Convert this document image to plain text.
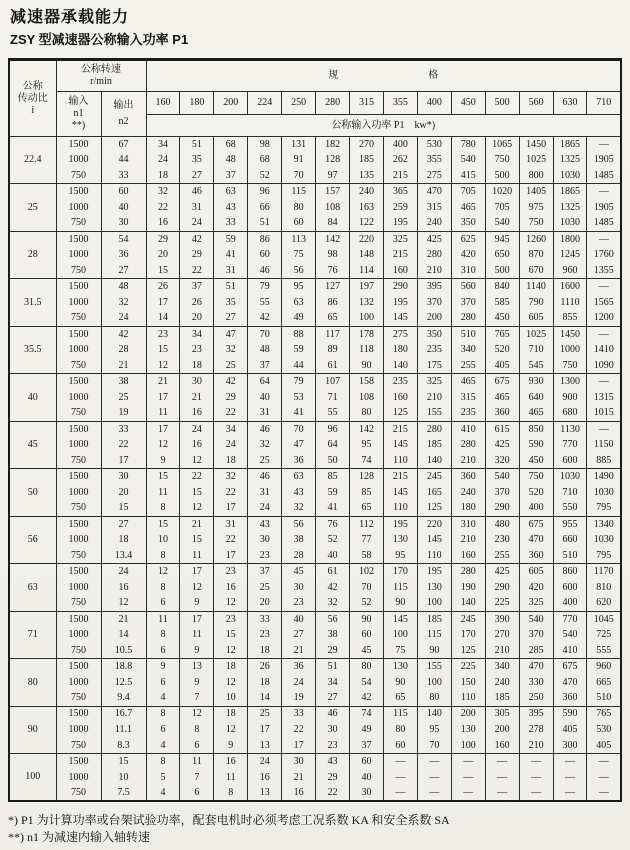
减速器承载能力
ZSY 型减速器公称输入功率 P1
公称
传动比
i

公称转速
r/min
	规	格

输入
n1
**)

输出
n2
	160	180	200	224	250	280	315	355	400	450	500	560	630	710
			公称输入功率 P1　kw*)													
22.4	1500	67	34	51	68	98	131	182	270	400	530	780	1065	1450	1865	—
	1000	44	24	35	48	68	91	128	185	262	355	540	750	1025	1325	1905
	750	33	18	27	37	52	70	97	135	215	275	415	500	800	1030	1485
25	1500	60	32	46	63	96	115	157	240	365	470	705	1020	1405	1865	—
	1000	40	22	31	43	66	80	108	163	259	315	465	705	975	1325	1905
	750	30	16	24	33	51	60	84	122	195	240	350	540	750	1030	1485
28	1500	54	29	42	59	86	113	142	220	325	425	625	945	1260	1800	—
	1000	36	20	29	41	60	75	98	148	215	280	420	650	870	1245	1760
	750	27	15	22	31	46	56	76	114	160	210	310	500	670	960	1355
31.5	1500	48	26	37	51	79	95	127	197	290	395	560	840	1140	1600	—
	1000	32	17	26	35	55	63	86	132	195	370	370	585	790	1110	1565
	750	24	14	20	27	42	49	65	100	145	200	280	450	605	855	1200
35.5	1500	42	23	34	47	70	88	117	178	275	350	510	765	1025	1450	—
	1000	28	15	23	32	48	59	89	118	180	235	340	520	710	1000	1410
	750	21	12	18	25	37	44	61	90	140	175	255	405	545	750	1090
40	1500	38	21	30	42	64	79	107	158	235	325	465	675	930	1300	—
	1000	25	17	21	29	40	53	71	108	160	210	315	465	640	900	1315
	750	19	11	16	22	31	41	55	80	125	155	235	360	465	680	1015
45	1500	33	17	24	34	46	70	96	142	215	280	410	615	850	1130	—
	1000	22	12	16	24	32	47	64	95	145	185	280	425	590	770	1150
	750	17	9	12	18	25	36	50	74	110	140	210	320	450	600	885
50	1500	30	15	22	32	46	63	85	128	215	245	360	540	750	1030	1490
	1000	20	11	15	22	31	43	59	85	145	165	240	370	520	710	1030
	750	15	8	12	17	24	32	41	65	110	125	180	290	400	550	795
56	1500	27	15	21	31	43	56	76	112	195	220	310	480	675	955	1340
	1000	18	10	15	22	30	38	52	77	130	145	210	230	470	660	1030
	750	13.4	8	11	17	23	28	40	58	95	110	160	255	360	510	795
63	1500	24	12	17	23	37	45	61	102	170	195	280	425	605	860	1170
	1000	16	8	12	16	25	30	42	70	115	130	190	290	420	600	810
	750	12	6	9	12	20	23	32	52	90	100	140	225	325	400	620
71	1500	21	11	17	23	33	40	56	90	145	185	245	390	540	770	1045
	1000	14	8	11	15	23	27	38	60	100	115	170	270	370	540	725
	750	10.5	6	9	12	18	21	29	45	75	90	125	210	285	410	555
80	1500	18.8	9	13	18	26	36	51	80	130	155	225	340	470	675	960
	1000	12.5	6	9	12	18	24	34	54	90	100	150	240	330	470	665
	750	9.4	4	7	10	14	19	27	42	65	80	110	185	250	360	510
90	1500	16.7	8	12	18	25	33	46	74	115	140	200	305	395	590	765
	1000	11.1	6	8	12	17	22	30	49	80	95	130	200	278	405	530
	750	8.3	4	6	9	13	17	23	37	60	70	100	160	210	300	405
100	1500	15	8	11	16	24	30	43	60	—	—	—	—	—	—	—
	1000	10	5	7	11	16	21	29	40	—	—	—	—	—	—	—
	750	7.5	4	6	8	13	16	22	30	—	—	—	—	—	—	—
*) P1 为计算功率或台架试验功率，配套电机时必须考虑工况系数 KA 和安全系数 SA
**) n1 为减速内输入轴转速
